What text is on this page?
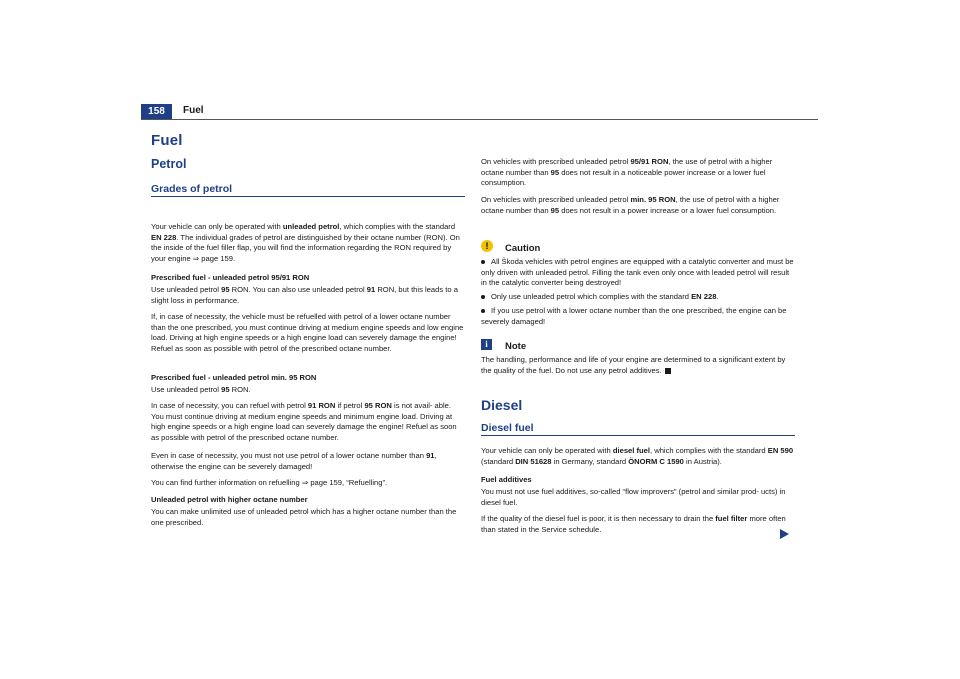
158	Fuel
Fuel
Petrol
Grades of petrol
Your vehicle can only be operated with unleaded petrol, which complies with the standard EN 228. The individual grades of petrol are distinguished by their octane number (RON). On the inside of the fuel filler flap, you will find the information regarding the RON required by your engine ⇒ page 159.
Prescribed fuel - unleaded petrol 95/91 RON
Use unleaded petrol 95 RON. You can also use unleaded petrol 91 RON, but this leads to a slight loss in performance.
If, in case of necessity, the vehicle must be refuelled with petrol of a lower octane number than the one prescribed, you must continue driving at medium engine speeds and low engine load. Driving at high engine speeds or a high engine load can severely damage the engine! Refuel as soon as possible with petrol of the prescribed octane number.
Prescribed fuel - unleaded petrol min. 95 RON
Use unleaded petrol 95 RON.
In case of necessity, you can refuel with petrol 91 RON if petrol 95 RON is not avail- able. You must continue driving at medium engine speeds and minimum engine load. Driving at high engine speeds or a high engine load can severely damage the engine! Refuel as soon as possible with petrol of the prescribed octane number.
Even in case of necessity, you must not use petrol of a lower octane number than 91, otherwise the engine can be severely damaged!
You can find further information on refuelling ⇒ page 159, “Refuelling”.
Unleaded petrol with higher octane number
You can make unlimited use of unleaded petrol which has a higher octane number than the one prescribed.
On vehicles with prescribed unleaded petrol 95/91 RON, the use of petrol with a higher octane number than 95 does not result in a noticeable power increase or a lower fuel consumption.
On vehicles with prescribed unleaded petrol min. 95 RON, the use of petrol with a higher octane number than 95 does not result in a power increase or a lower fuel consumption.
!	Caution
All Škoda vehicles with petrol engines are equipped with a catalytic converter and must be only driven with unleaded petrol. Filling the tank even only once with leaded petrol will result in the catalytic converter being destroyed!
Only use unleaded petrol which complies with the standard EN 228.
If you use petrol with a lower octane number than the one prescribed, the engine can be severely damaged!
i	Note
The handling, performance and life of your engine are determined to a significant extent by the quality of the fuel. Do not use any petrol additives.
Diesel
Diesel fuel
Your vehicle can only be operated with diesel fuel, which complies with the standard EN 590 (standard DIN 51628 in Germany, standard ÖNORM C 1590 in Austria).
Fuel additives
You must not use fuel additives, so-called “flow improvers” (petrol and similar prod- ucts) in diesel fuel.
If the quality of the diesel fuel is poor, it is then necessary to drain the fuel filter more often than stated in the Service schedule.
